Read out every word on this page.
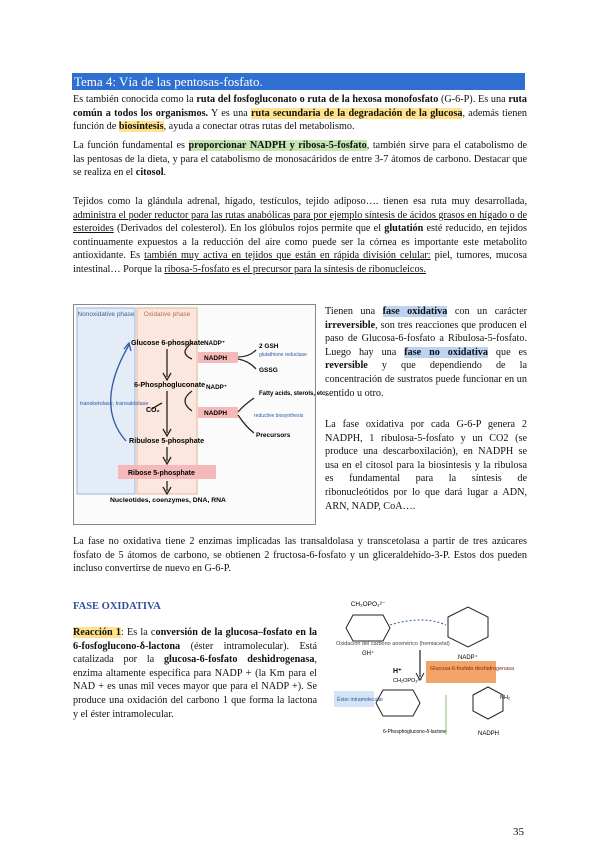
Tema 4: Vía de las pentosas-fosfato.
Es también conocida como la ruta del fosfogluconato o ruta de la hexosa monofosfato (G-6-P). Es una ruta común a todos los organismos. Y es una ruta secundaria de la degradación de la glucosa, además tienen función de biosíntesis, ayuda a conectar otras rutas del metabolismo.
La función fundamental es proporcionar NADPH y ribosa-5-fosfato, también sirve para el catabolismo de las pentosas de la dieta, y para el catabolismo de monosacáridos de entre 3-7 átomos de carbono. Destacar que se realiza en el citosol.
Tejidos como la glándula adrenal, hígado, testículos, tejido adiposo…. tienen esa ruta muy desarrollada, administra el poder reductor para las rutas anabólicas para por ejemplo síntesis de ácidos grasos en hígado o de esteroides (Derivados del colesterol). En los glóbulos rojos permite que el glutatión esté reducido, en tejidos continuamente expuestos a la reducción del aire como puede ser la córnea es importante este metabolito antioxidante. Es también muy activa en tejidos que están en rápida división celular: piel, tumores, mucosa intestinal… Porque la ribosa-5-fosfato es el precursor para la síntesis de ribonucleicos.
Nonoxidative phase Oxidative phase
Glucose 6-phosphate NADP⁺
NADPH
2 GSH
glutathione reductase
GSSG
6-Phosphogluconate NADP⁺
Fatty acids, sterols, etc.
CO₂	NADPH	reductive biosynthesis
Precursors
Ribulose 5-phosphate
transketolase, transaldolase
Ribose 5-phosphate
Nucleotides, coenzymes, DNA, RNA
Tienen una fase oxidativa con un carácter irreversible, son tres reacciones que producen el paso de Glucosa-6-fosfato a Ribulosa-5-fosfato. Luego hay una fase no oxidativa que es reversible y que dependiendo de la concentración de sustratos puede funcionar en un sentido u otro.
La fase oxidativa por cada G-6-P genera 2 NADPH, 1 ribulosa-5-fosfato y un CO2 (se produce una descarboxilación), en NADPH se usa en el citosol para la biosíntesis y la ribulosa es fundamental para la síntesis de ribonucleótidos por lo que dará lugar a ADN, ARN, NADP, CoA….
La fase no oxidativa tiene 2 enzimas implicadas las transaldolasa y transcetolasa a partir de tres azúcares fosfato de 5 átomos de carbono, se obtienen 2 fructosa-6-fosfato y un gliceraldehído-3-P. Estos dos pueden incluso convertirse de nuevo en G-6-P.
FASE OXIDATIVA
Reacción 1: Es la conversión de la glucosa–fosfato en la 6-fosfoglucono-δ-lactona (éster intramolecular). Está catalizada por la glucosa-6-fosfato deshidrogenasa, enzima altamente específica para NADP + (la Km para el NAD + es unas mil veces mayor que para el NADP +). Se produce una oxidación del carbono 1 que forma la lactona y el éster intramolecular.
CH₂OPO₃²⁻
GH⁺
NADP⁺
Oxidación del carbono anomérico (hemiacetal)
H⁺	Glucosa-6-fosfato deshidrogenasa
Éster intramolecular
CH₂OPO₃²⁻
6-Phosphoglucono-δ-lactone
NH₂
NADPH
35
